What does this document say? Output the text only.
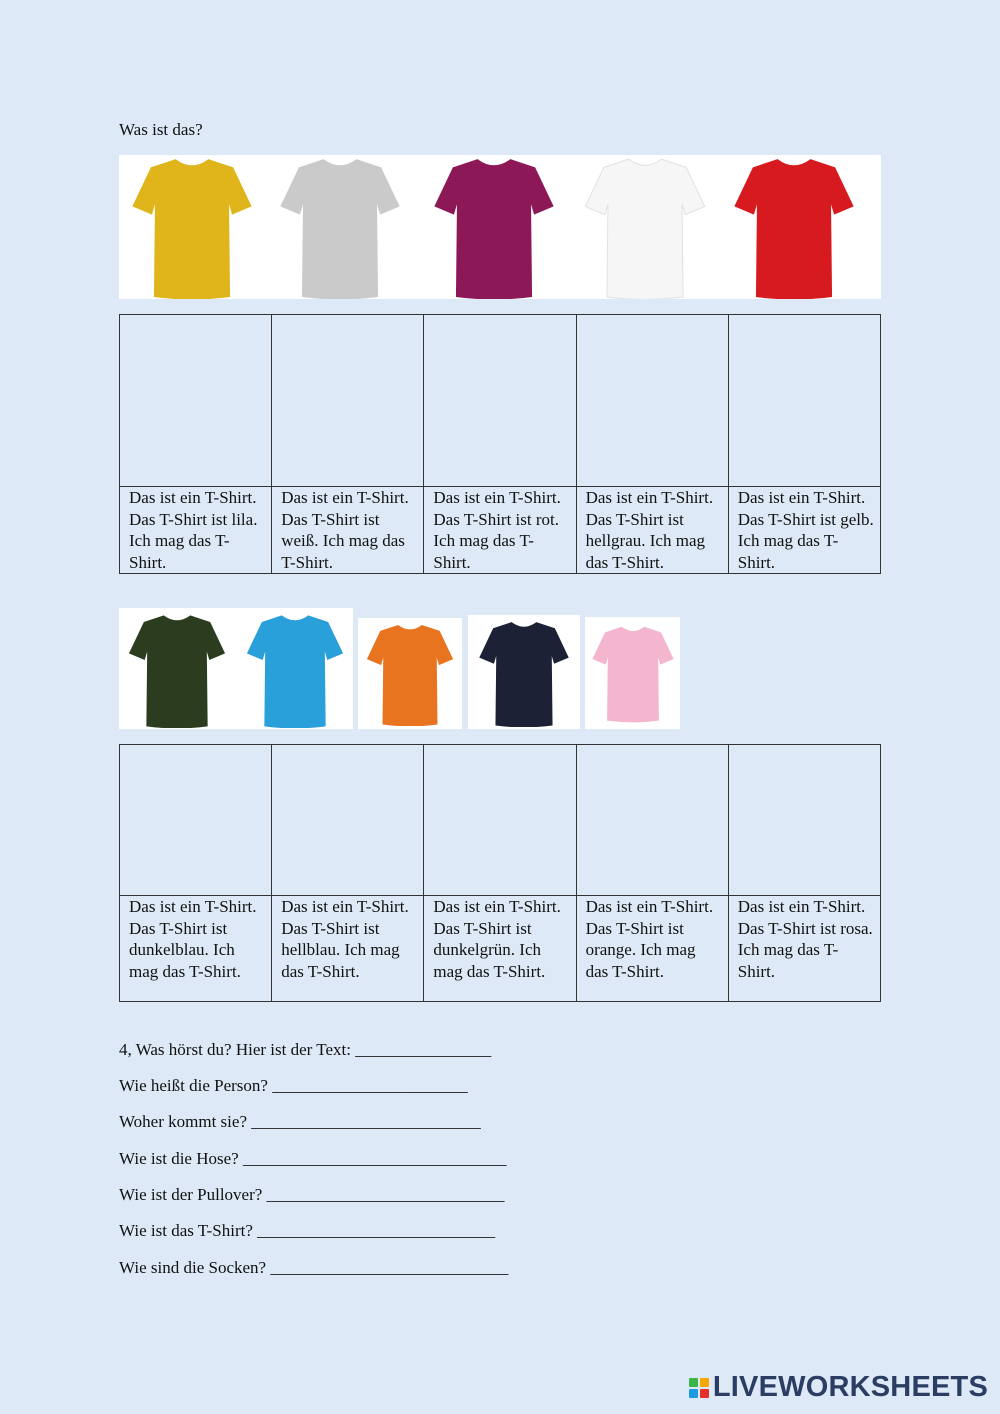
Was ist das?

Das ist ein T-Shirt. Das T-Shirt ist lila. Ich mag das T-Shirt.	Das ist ein T-Shirt. Das T-Shirt ist weiß. Ich mag das T-Shirt.	Das ist ein T-Shirt. Das T-Shirt ist rot. Ich mag das T-Shirt.	Das ist ein T-Shirt. Das T-Shirt ist hellgrau. Ich mag das T-Shirt.	Das ist ein T-Shirt. Das T-Shirt ist gelb. Ich mag das T-Shirt.

Das ist ein T-Shirt. Das T-Shirt ist dunkelblau. Ich mag das T-Shirt.	Das ist ein T-Shirt. Das T-Shirt ist hellblau. Ich mag das T-Shirt.	Das ist ein T-Shirt. Das T-Shirt ist dunkelgrün. Ich mag das T-Shirt.	Das ist ein T-Shirt. Das T-Shirt ist orange. Ich mag das T-Shirt.	Das ist ein T-Shirt. Das T-Shirt ist rosa. Ich mag das T-Shirt.
4, Was hörst du? Hier ist der Text: ________________
Wie heißt die Person? _______________________
Woher kommt sie? ___________________________
Wie ist die Hose? _______________________________
Wie ist der Pullover? ____________________________
Wie ist das T-Shirt? ____________________________
Wie sind die Socken? ____________________________
LIVEWORKSHEETS
